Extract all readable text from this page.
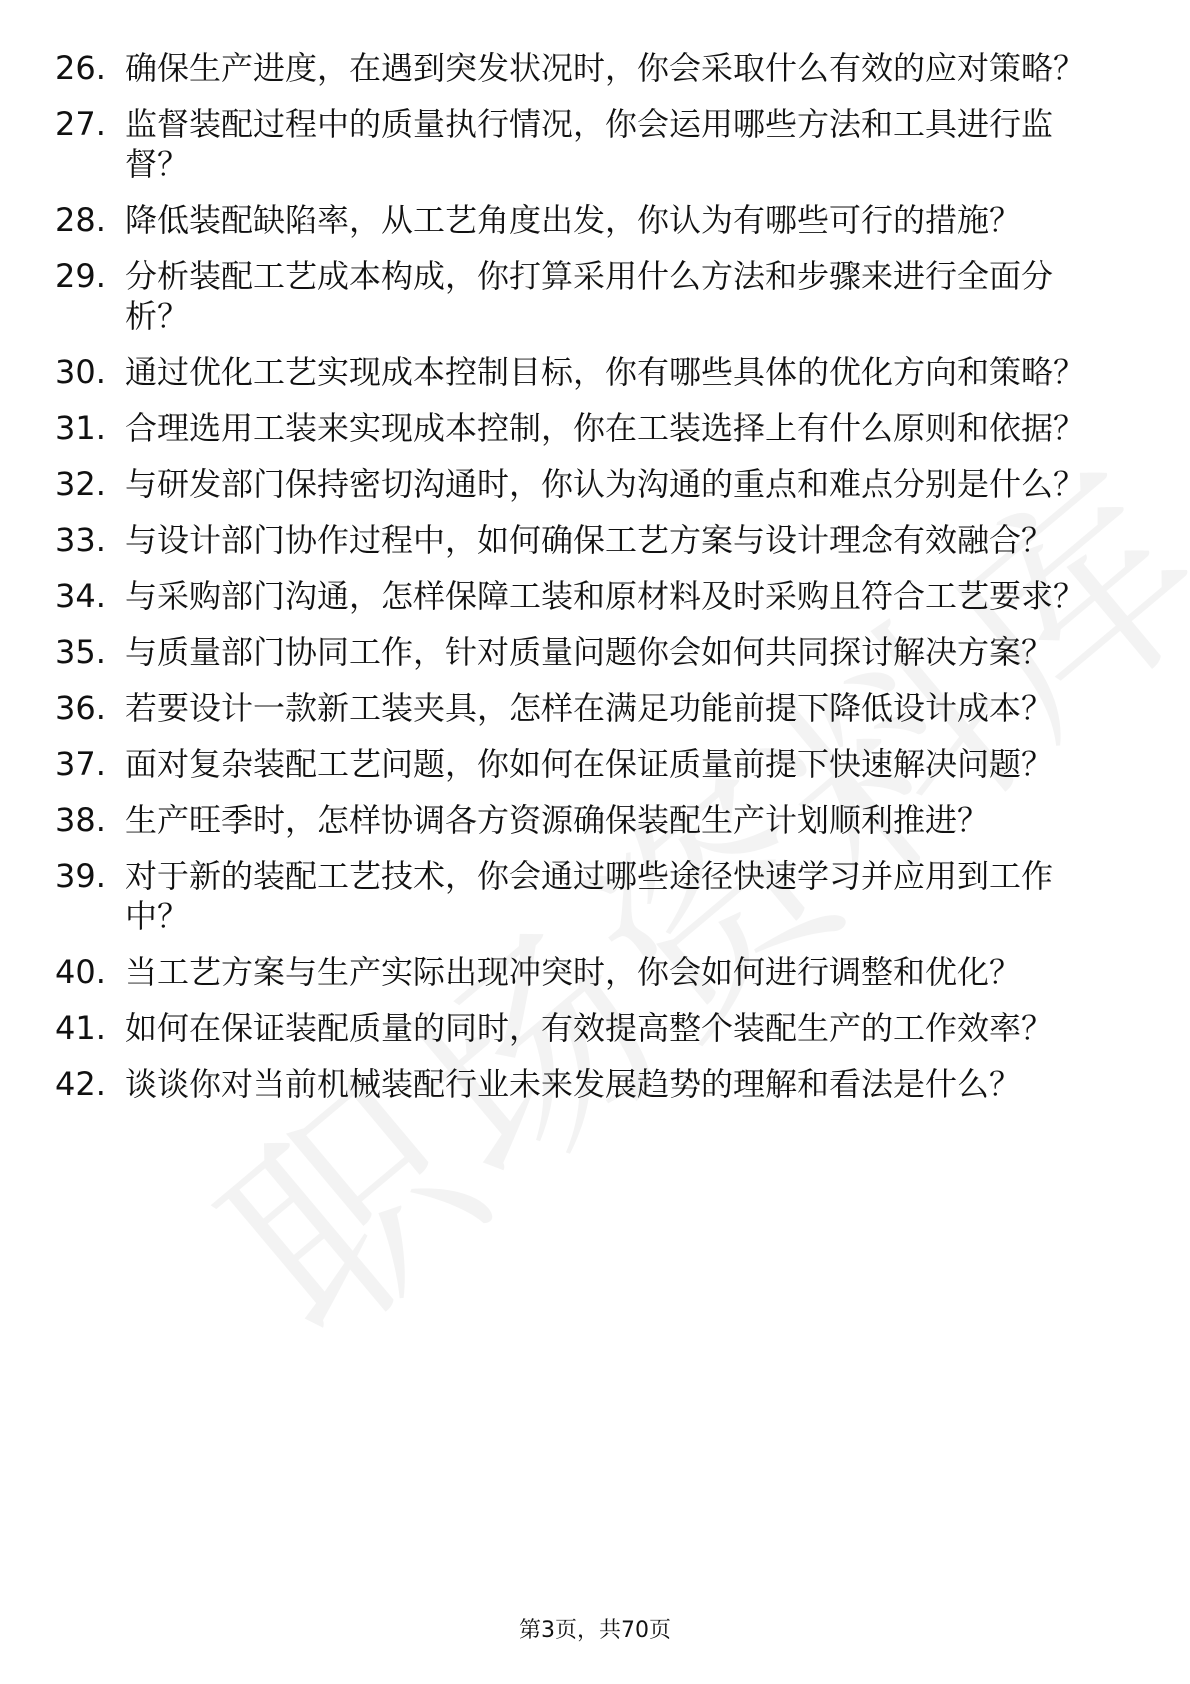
26. 确保生产进度，在遇到突发状况时，你会采取什么有效的应对策略？
27. 监督装配过程中的质量执行情况，你会运用哪些方法和工具进行监督？
28. 降低装配缺陷率，从工艺角度出发，你认为有哪些可行的措施？
29. 分析装配工艺成本构成，你打算采用什么方法和步骤来进行全面分析？
30. 通过优化工艺实现成本控制目标，你有哪些具体的优化方向和策略？
31. 合理选用工装来实现成本控制，你在工装选择上有什么原则和依据？
32. 与研发部门保持密切沟通时，你认为沟通的重点和难点分别是什么？
33. 与设计部门协作过程中，如何确保工艺方案与设计理念有效融合？
34. 与采购部门沟通，怎样保障工装和原材料及时采购且符合工艺要求？
35. 与质量部门协同工作，针对质量问题你会如何共同探讨解决方案？
36. 若要设计一款新工装夹具，怎样在满足功能前提下降低设计成本？
37. 面对复杂装配工艺问题，你如何在保证质量前提下快速解决问题？
38. 生产旺季时，怎样协调各方资源确保装配生产计划顺利推进？
39. 对于新的装配工艺技术，你会通过哪些途径快速学习并应用到工作中？
40. 当工艺方案与生产实际出现冲突时，你会如何进行调整和优化？
41. 如何在保证装配质量的同时，有效提高整个装配生产的工作效率？
42. 谈谈你对当前机械装配行业未来发展趋势的理解和看法是什么？
第3页，共70页
